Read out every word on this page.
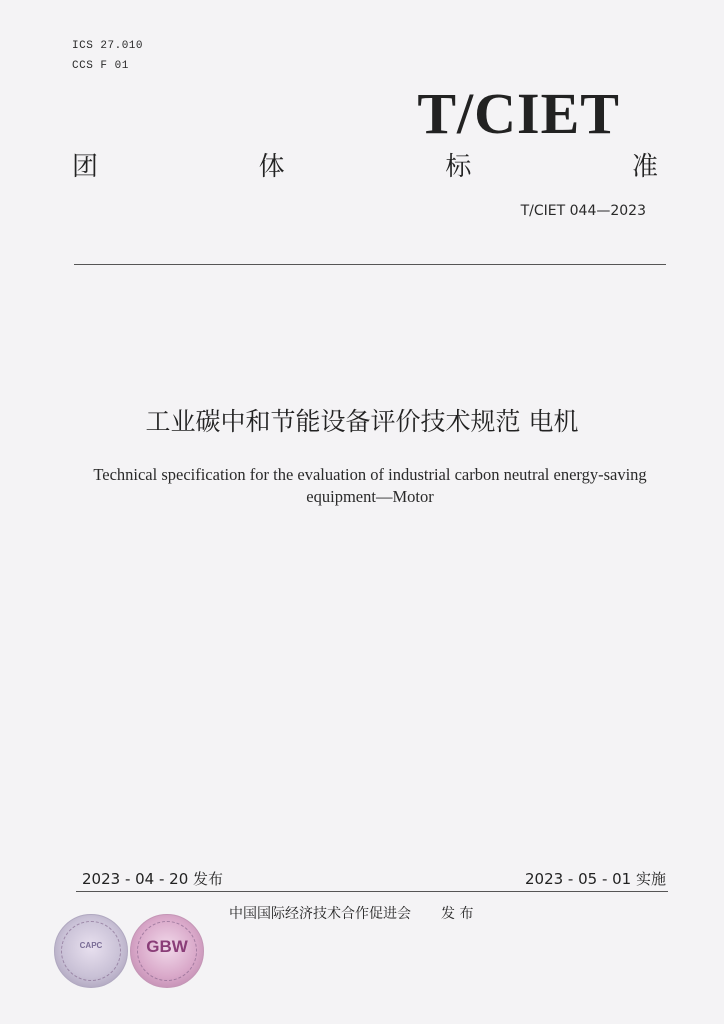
ICS 27.010
CCS F 01
T/CIET
团	体	标	准
T/CIET 044—2023
工业碳中和节能设备评价技术规范 电机
Technical specification for the evaluation of industrial carbon neutral energy-saving equipment—Motor
2023 - 04 - 20 发布	2023 - 05 - 01 实施
中国国际经济技术合作促进会 发 布
CAPC	GBW
